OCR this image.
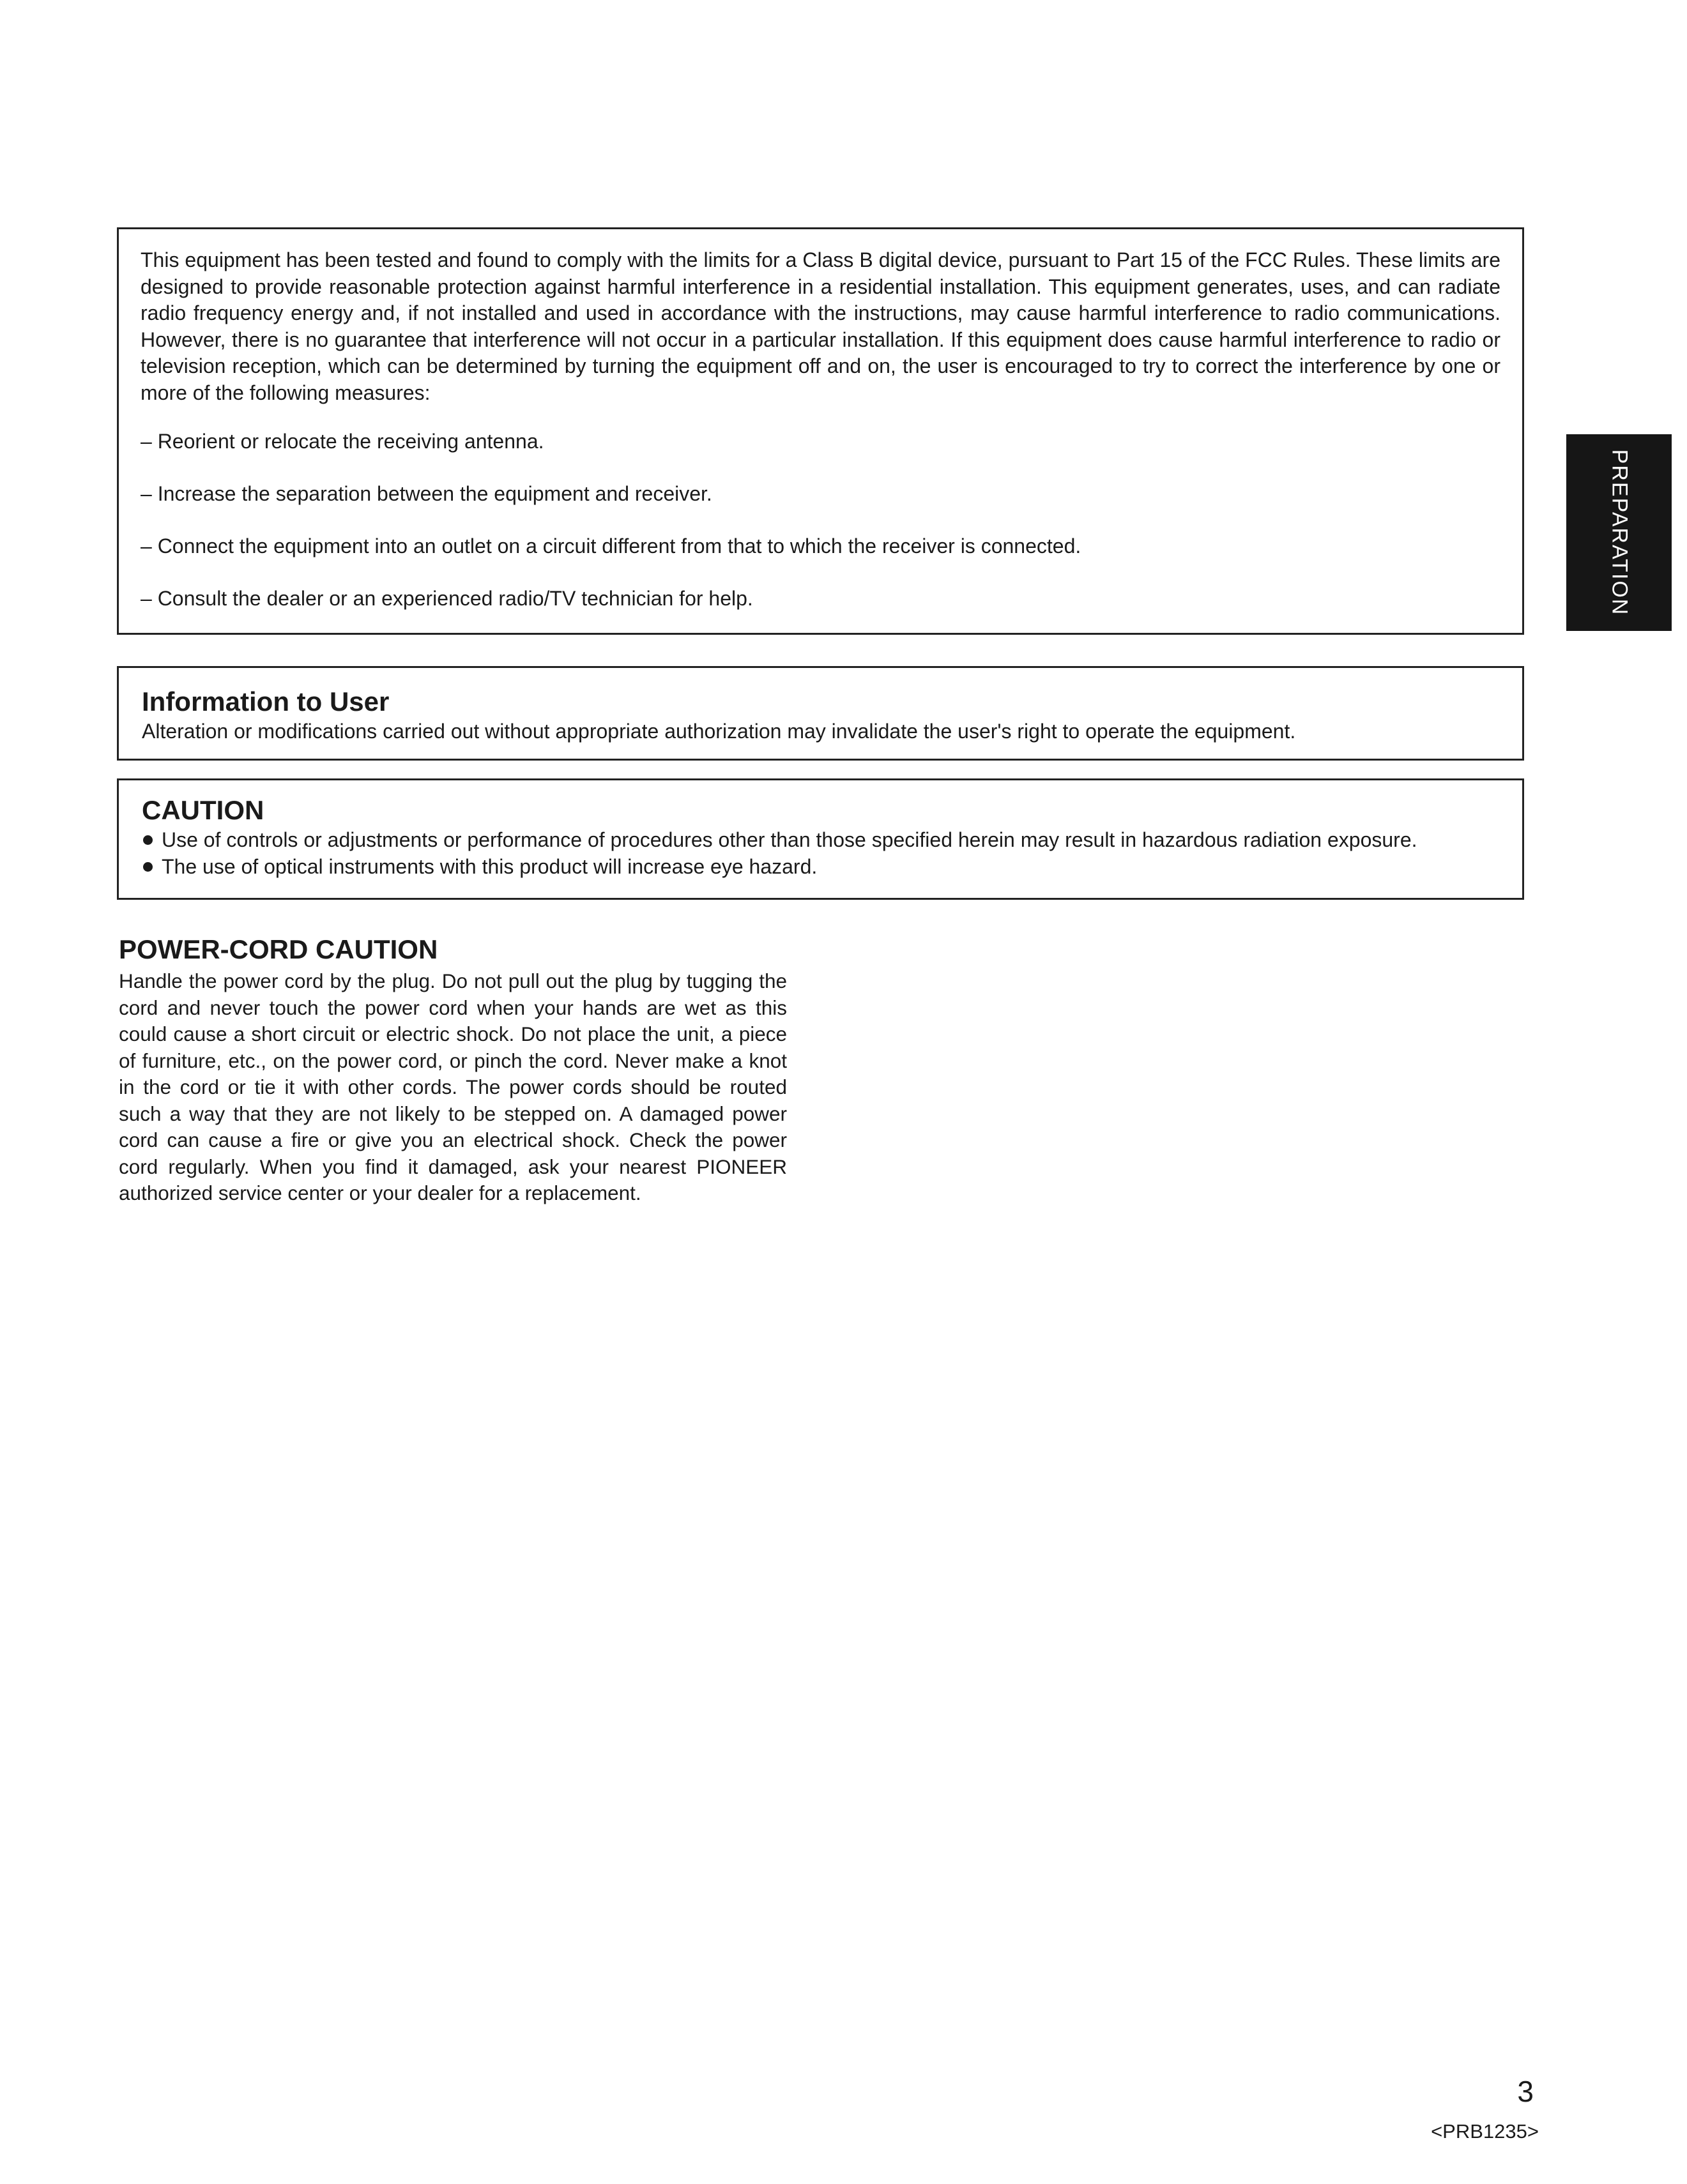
This equipment has been tested and found to comply with the limits for a Class B digital device, pursuant to Part 15 of the FCC Rules. These limits are designed to provide reasonable protection against harmful interference in a residential installation. This equipment generates, uses, and can radiate radio frequency energy and, if not installed and used in accordance with the instructions, may cause harmful interference to radio communications. However, there is no guarantee that interference will not occur in a particular installation. If this equipment does cause harmful interference to radio or television reception, which can be determined by turning the equipment off and on, the user is encouraged to try to correct the interference by one or more of the following measures:

– Reorient or relocate the receiving antenna.

– Increase the separation between the equipment and receiver.

– Connect the equipment into an outlet on a circuit different from that to which the receiver is connected.

– Consult the dealer or an experienced radio/TV technician for help.	PREPARATION
Information to User

Alteration or modifications carried out without appropriate authorization may invalidate the user's right to operate the equipment.

CAUTION
Use of controls or adjustments or performance of procedures other than those specified herein may result in hazardous radiation exposure.
The use of optical instruments with this product will increase eye hazard.
POWER-CORD CAUTION

Handle the power cord by the plug. Do not pull out the plug by tugging the cord and never touch the power cord when your hands are wet as this could cause a short circuit or electric shock. Do not place the unit, a piece of furniture, etc., on the power cord, or pinch the cord. Never make a knot in the cord or tie it with other cords. The power cords should be routed such a way that they are not likely to be stepped on. A damaged power cord can cause a fire or give you an electrical shock. Check the power cord regularly. When you find it damaged, ask your nearest PIONEER authorized service center or your dealer for a replacement.

3

<PRB1235>
